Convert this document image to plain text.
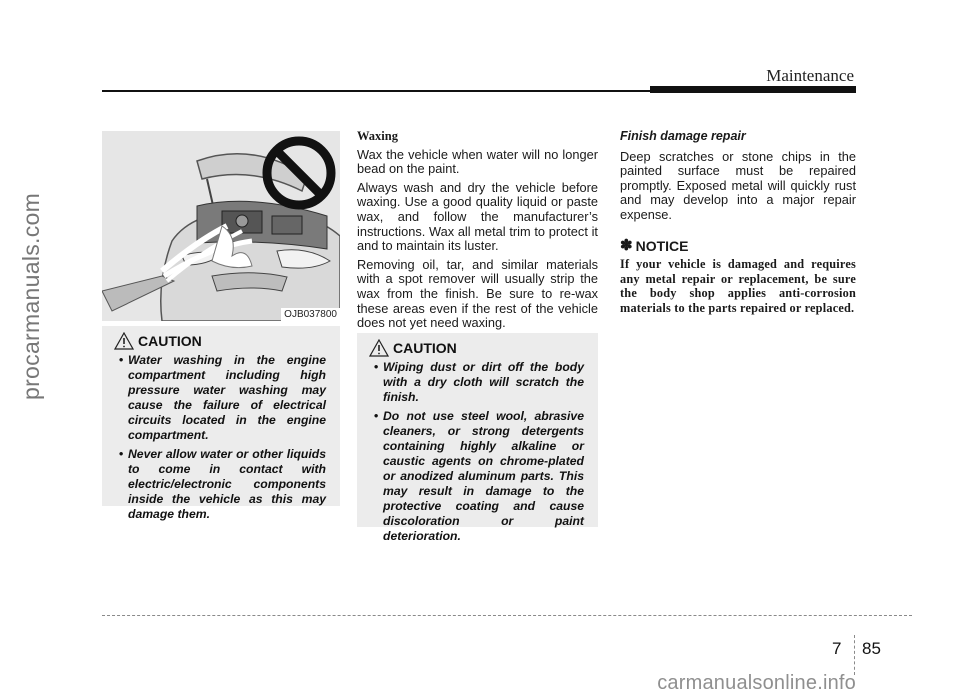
Maintenance
procarmanuals.com	OJB037800
CAUTION
• Water washing in the engine compartment including high pressure water washing may cause the failure of electrical circuits located in the engine compartment.
• Never allow water or other liquids to come in contact with electric/electronic components inside the vehicle as this may damage them.
Waxing

Wax the vehicle when water will no longer bead on the paint.

Always wash and dry the vehicle before waxing. Use a good quality liquid or paste wax, and follow the manufacturer’s instructions. Wax all metal trim to protect it and to maintain its luster.

Removing oil, tar, and similar materials with a spot remover will usually strip the wax from the finish. Be sure to re-wax these areas even if the rest of the vehicle does not yet need waxing.

CAUTION
• Wiping dust or dirt off the body with a dry cloth will scratch the finish.
• Do not use steel wool, abrasive cleaners, or strong detergents containing highly alkaline or caustic agents on chrome-plated or anodized aluminum parts. This may result in damage to the protective coating and cause discoloration or paint deterioration.
Finish damage repair

Deep scratches or stone chips in the painted surface must be repaired promptly. Exposed metal will quickly rust and may develop into a major repair expense.

✽ NOTICE
If your vehicle is damaged and requires any metal repair or replacement, be sure the body shop applies anti-corrosion materials to the parts repaired or replaced.
7 85
carmanualsonline.info
